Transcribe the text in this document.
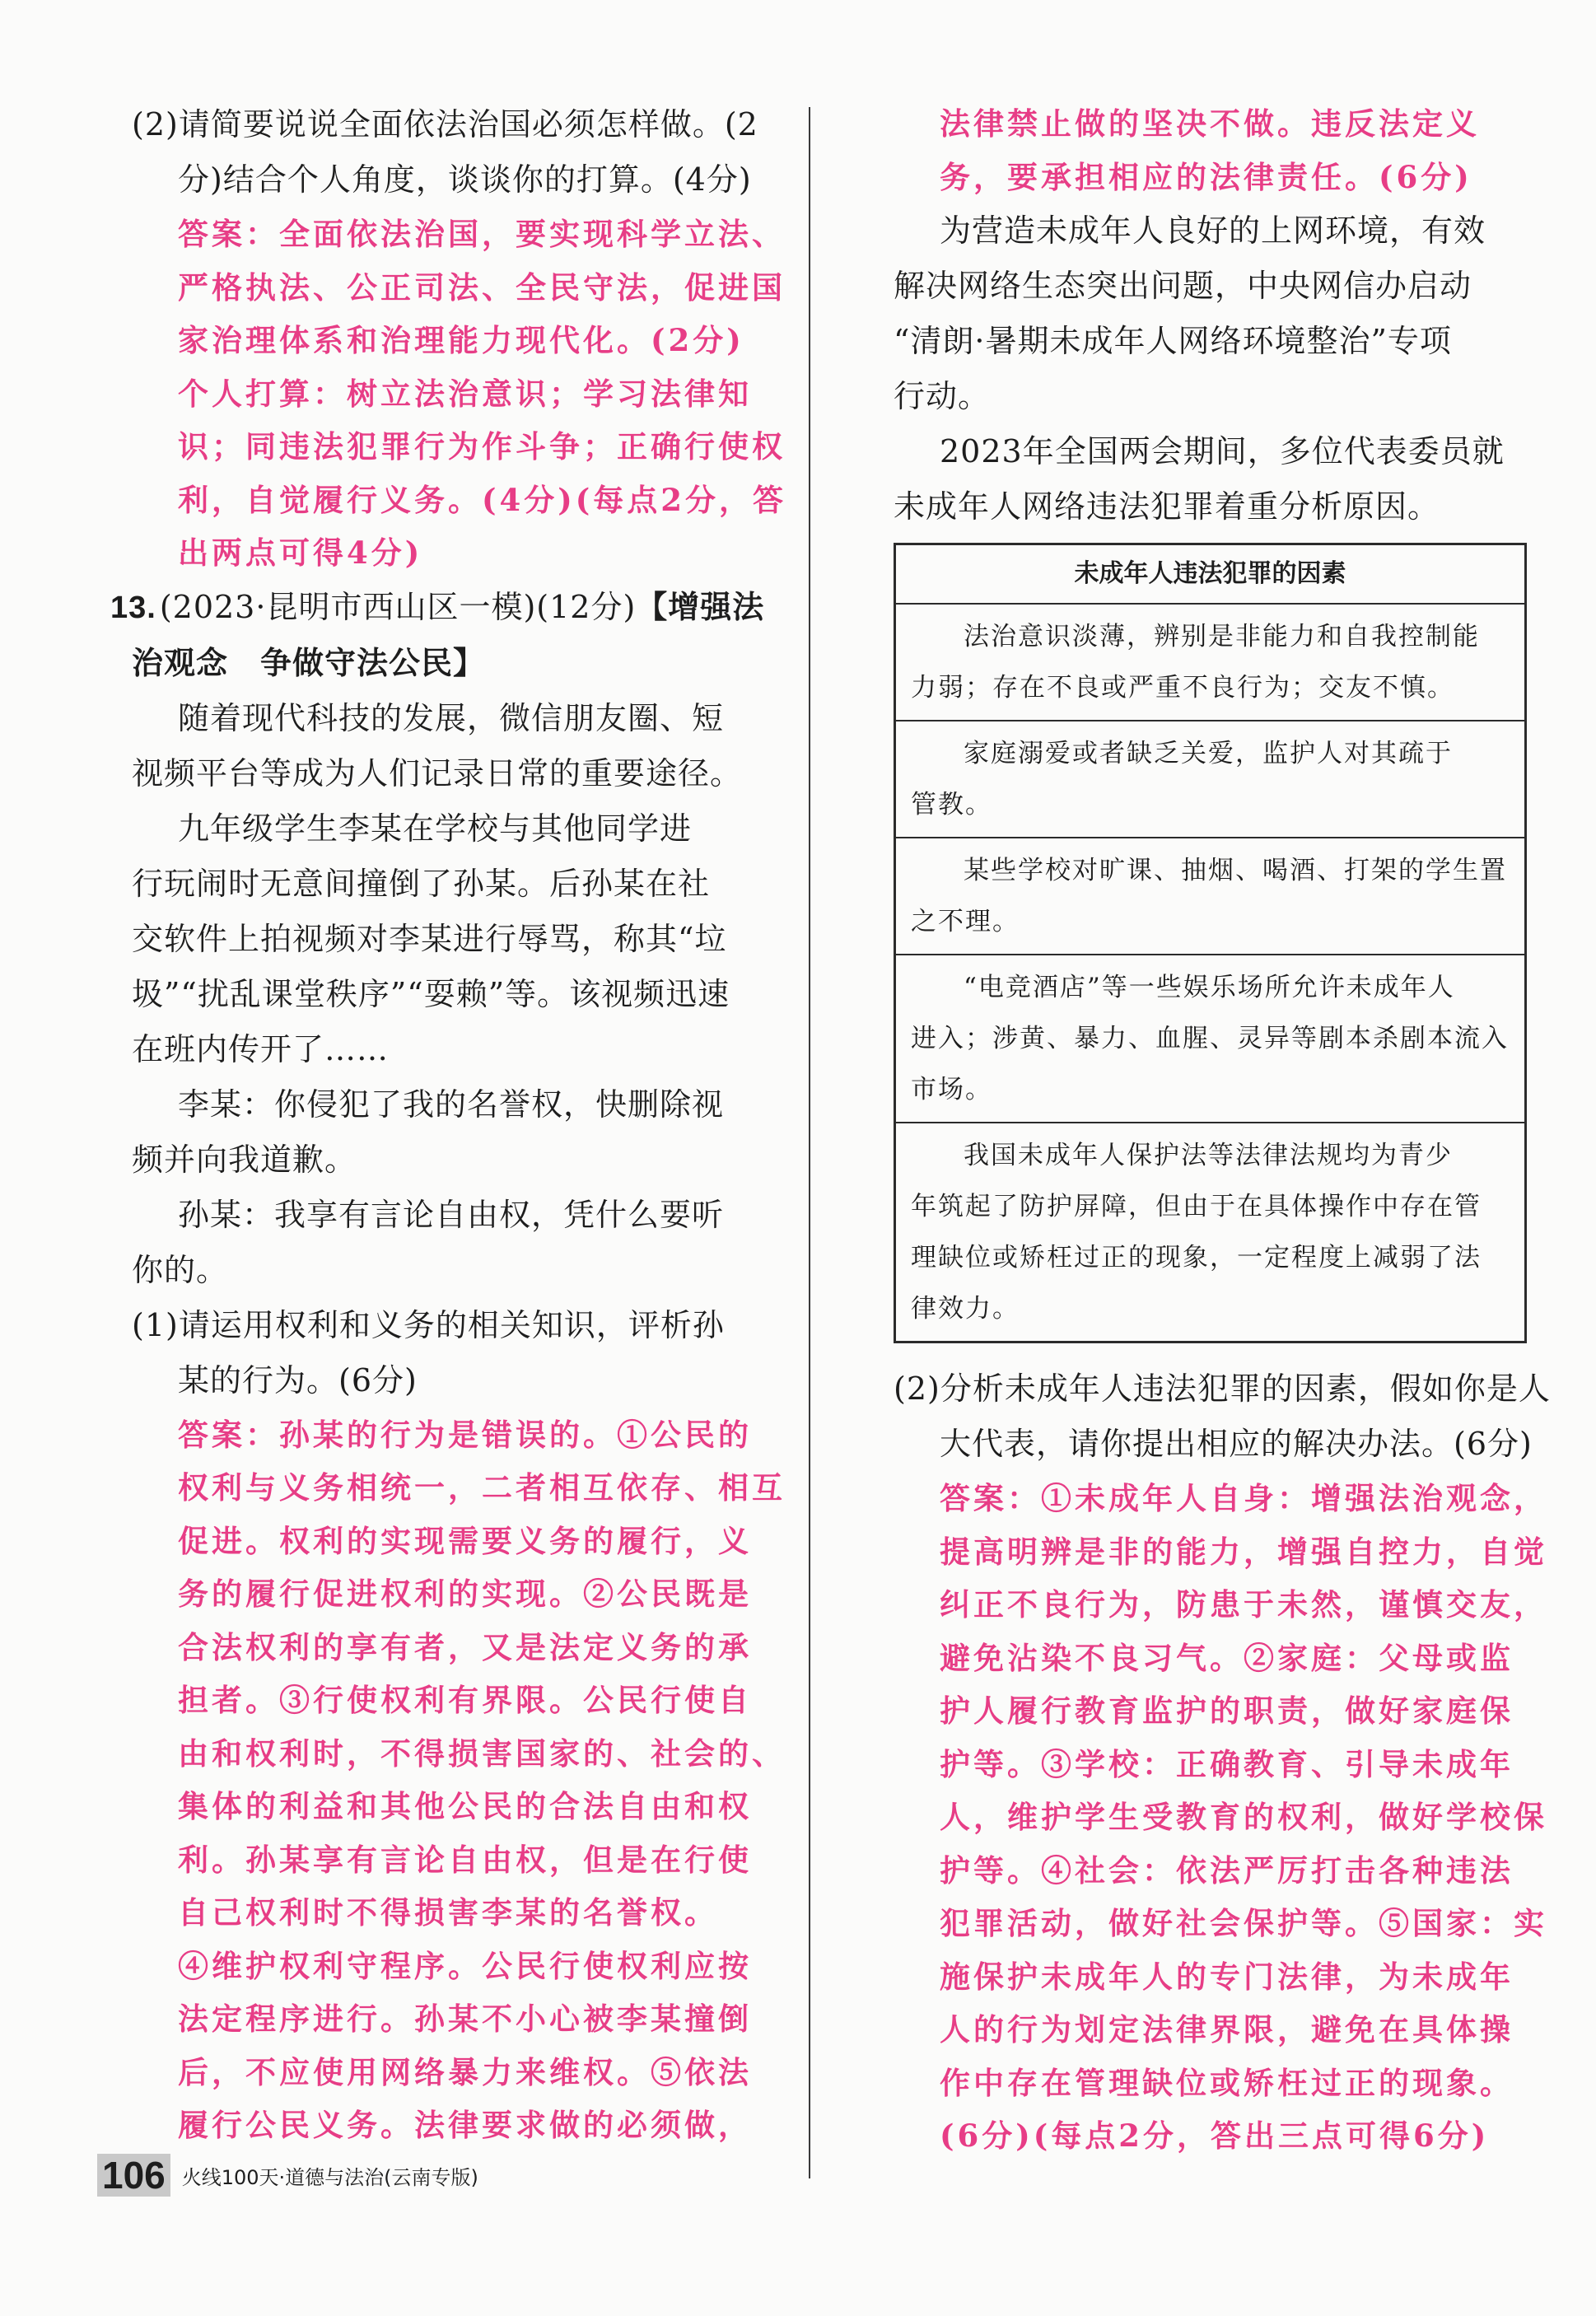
(2)请简要说说全面依法治国必须怎样做。(2
分)结合个人角度，谈谈你的打算。(4分)
答案：全面依法治国，要实现科学立法、
严格执法、公正司法、全民守法，促进国
家治理体系和治理能力现代化。(2分)
个人打算：树立法治意识；学习法律知
识；同违法犯罪行为作斗争；正确行使权
利，自觉履行义务。(4分)(每点2分，答
出两点可得4分)
13. (2023·昆明市西山区一模)(12分)【增强法
治观念　争做守法公民】
随着现代科技的发展，微信朋友圈、短
视频平台等成为人们记录日常的重要途径。
九年级学生李某在学校与其他同学进
行玩闹时无意间撞倒了孙某。后孙某在社
交软件上拍视频对李某进行辱骂，称其“垃
圾”“扰乱课堂秩序”“耍赖”等。该视频迅速
在班内传开了……
李某：你侵犯了我的名誉权，快删除视
频并向我道歉。
孙某：我享有言论自由权，凭什么要听
你的。
(1)请运用权利和义务的相关知识，评析孙
某的行为。(6分)
答案：孙某的行为是错误的。①公民的
权利与义务相统一，二者相互依存、相互
促进。权利的实现需要义务的履行，义
务的履行促进权利的实现。②公民既是
合法权利的享有者，又是法定义务的承
担者。③行使权利有界限。公民行使自
由和权利时，不得损害国家的、社会的、
集体的利益和其他公民的合法自由和权
利。孙某享有言论自由权，但是在行使
自己权利时不得损害李某的名誉权。
④维护权利守程序。公民行使权利应按
法定程序进行。孙某不小心被李某撞倒
后，不应使用网络暴力来维权。⑤依法
履行公民义务。法律要求做的必须做，
法律禁止做的坚决不做。违反法定义
务，要承担相应的法律责任。(6分)
为营造未成年人良好的上网环境，有效
解决网络生态突出问题，中央网信办启动
“清朗·暑期未成年人网络环境整治”专项
行动。
2023年全国两会期间，多位代表委员就
未成年人网络违法犯罪着重分析原因。
未成年人违法犯罪的因素
法治意识淡薄，辨别是非能力和自我控制能
力弱；存在不良或严重不良行为；交友不慎。
家庭溺爱或者缺乏关爱，监护人对其疏于
管教。
某些学校对旷课、抽烟、喝酒、打架的学生置
之不理。
“电竞酒店”等一些娱乐场所允许未成年人
进入；涉黄、暴力、血腥、灵异等剧本杀剧本流入
市场。
我国未成年人保护法等法律法规均为青少
年筑起了防护屏障，但由于在具体操作中存在管
理缺位或矫枉过正的现象，一定程度上减弱了法
律效力。
(2)分析未成年人违法犯罪的因素，假如你是人
大代表，请你提出相应的解决办法。(6分)
答案：①未成年人自身：增强法治观念，
提高明辨是非的能力，增强自控力，自觉
纠正不良行为，防患于未然，谨慎交友，
避免沾染不良习气。②家庭：父母或监
护人履行教育监护的职责，做好家庭保
护等。③学校：正确教育、引导未成年
人，维护学生受教育的权利，做好学校保
护等。④社会：依法严厉打击各种违法
犯罪活动，做好社会保护等。⑤国家：实
施保护未成年人的专门法律，为未成年
人的行为划定法律界限，避免在具体操
作中存在管理缺位或矫枉过正的现象。
(6分)(每点2分，答出三点可得6分)
106 火线100天·道德与法治(云南专版)
